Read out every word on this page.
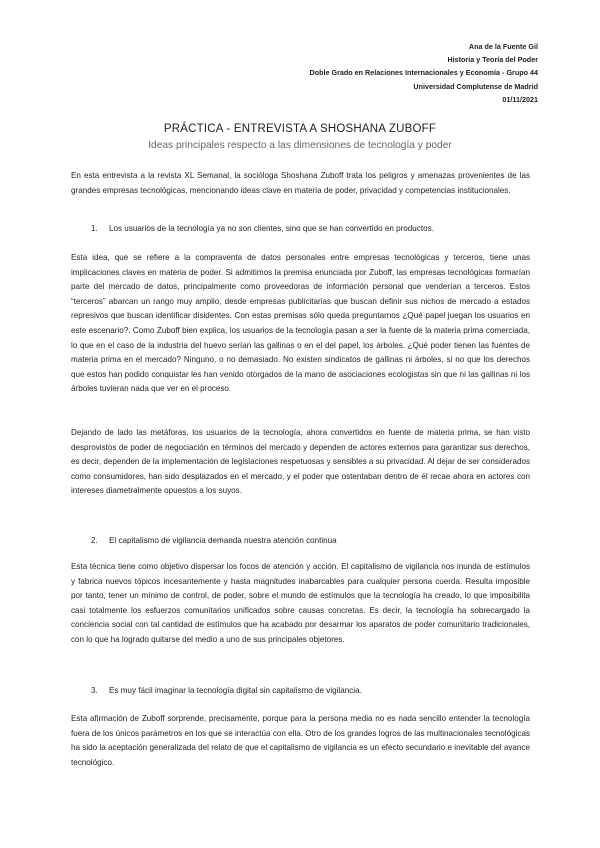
Ana de la Fuente Gil
Historia y Teoría del Poder
Doble Grado en Relaciones Internacionales y Economía - Grupo 44
Universidad Complutense de Madrid
01/11/2021
PRÁCTICA - ENTREVISTA A SHOSHANA ZUBOFF
Ideas principales respecto a las dimensiones de tecnología y poder

En esta entrevista a la revista XL Semanal, la socióloga Shoshana Zuboff trata los peligros y amenazas provenientes de las grandes empresas tecnológicas, mencionando ideas clave en materia de poder, privacidad y competencias institucionales.

1. Los usuarios de la tecnología ya no son clientes, sino que se han convertido en productos.

Esta idea, que se refiere a la compraventa de datos personales entre empresas tecnológicas y terceros, tiene unas implicaciones claves en materia de poder. Si admitimos la premisa enunciada por Zuboff, las empresas tecnológicas formarían parte del mercado de datos, principalmente como proveedoras de información personal que venderían a terceros. Estos “terceros” abarcan un rango muy amplio, desde empresas publicitarias que buscan definir sus nichos de mercado a estados represivos que buscan identificar disidentes. Con estas premisas sólo queda preguntarnos ¿Qué papel juegan los usuarios en este escenario?. Como Zuboff bien explica, los usuarios de la tecnología pasan a ser la fuente de la materia prima comerciada, lo que en el caso de la industria del huevo serían las gallinas o en el del papel, los árboles. ¿Qué poder tienen las fuentes de materia prima en el mercado? Ninguno, o no demasiado. No existen sindicatos de gallinas ni árboles, si no que los derechos que estos han podido conquistar les han venido otorgados de la mano de asociaciones ecologistas sin que ni las gallinas ni los árboles tuvieran nada que ver en el proceso.

Dejando de lado las metáforas, los usuarios de la tecnología, ahora convertidos en fuente de materia prima, se han visto desprovistos de poder de negociación en términos del mercado y dependen de actores externos para garantizar sus derechos, es decir, dependen de la implementación de legislaciones respetuosas y sensibles a su privacidad. Al dejar de ser considerados como consumidores, han sido desplazados en el mercado, y el poder que ostentaban dentro de él recae ahora en actores con intereses diametralmente opuestos a los suyos.

2. El capitalismo de vigilancia demanda nuestra atención continua

Esta técnica tiene como objetivo dispersar los focos de atención y acción. El capitalismo de vigilancia nos inunda de estímulos y fabrica nuevos tópicos incesantemente y hasta magnitudes inabarcables para cualquier persona cuerda. Resulta imposible por tanto, tener un mínimo de control, de poder, sobre el mundo de estímulos que la tecnología ha creado, lo que imposibilita casi totalmente los esfuerzos comunitarios unificados sobre causas concretas. Es decir, la tecnología ha sobrecargado la conciencia social con tal cantidad de estímulos que ha acabado por desarmar los aparatos de poder comunitario tradicionales, con lo que ha logrado quitarse del medio a uno de sus principales objetores.

3. Es muy fácil imaginar la tecnología digital sin capitalismo de vigilancia.

Esta afirmación de Zuboff sorprende, precisamente, porque para la persona media no es nada sencillo entender la tecnología fuera de los únicos parámetros en los que se interactúa con ella. Otro de los grandes logros de las multinacionales tecnológicas ha sido la aceptación generalizada del relato de que el capitalismo de vigilancia es un efecto secundario e inevitable del avance tecnológico.
